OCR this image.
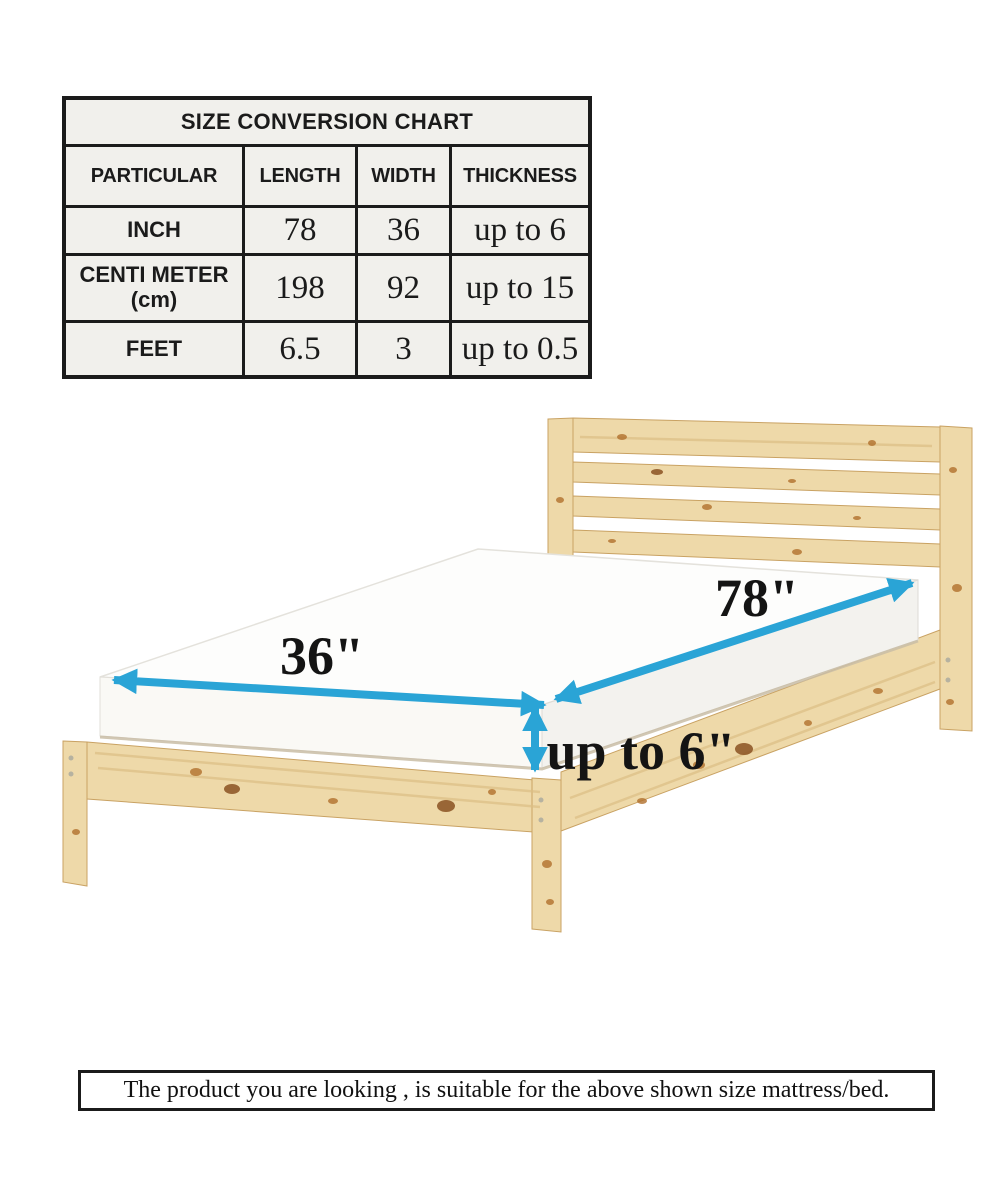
SIZE CONVERSION CHART
PARTICULAR	LENGTH	WIDTH	THICKNESS
INCH	78	36	up to 6
CENTI METER (cm)	198	92	up to 15
FEET	6.5	3	up to 0.5
36"
78"
up to 6"
The product you are looking , is suitable for the above shown size mattress/bed.
